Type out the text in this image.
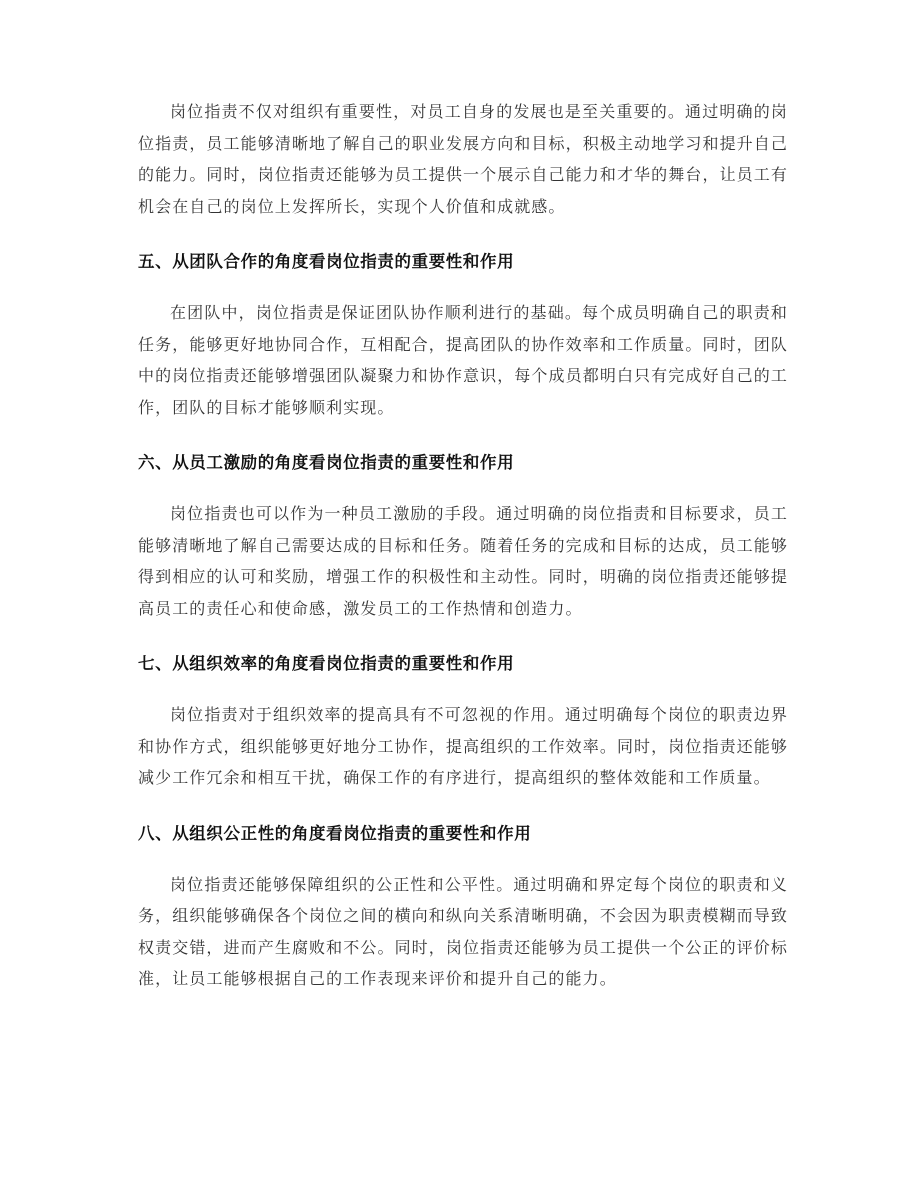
岗位指责不仅对组织有重要性，对员工自身的发展也是至关重要的。通过明确的岗位指责，员工能够清晰地了解自己的职业发展方向和目标，积极主动地学习和提升自己的能力。同时，岗位指责还能够为员工提供一个展示自己能力和才华的舞台，让员工有机会在自己的岗位上发挥所长，实现个人价值和成就感。

五、从团队合作的角度看岗位指责的重要性和作用

在团队中，岗位指责是保证团队协作顺利进行的基础。每个成员明确自己的职责和任务，能够更好地协同合作，互相配合，提高团队的协作效率和工作质量。同时，团队中的岗位指责还能够增强团队凝聚力和协作意识，每个成员都明白只有完成好自己的工作，团队的目标才能够顺利实现。

六、从员工激励的角度看岗位指责的重要性和作用

岗位指责也可以作为一种员工激励的手段。通过明确的岗位指责和目标要求，员工能够清晰地了解自己需要达成的目标和任务。随着任务的完成和目标的达成，员工能够得到相应的认可和奖励，增强工作的积极性和主动性。同时，明确的岗位指责还能够提高员工的责任心和使命感，激发员工的工作热情和创造力。

七、从组织效率的角度看岗位指责的重要性和作用

岗位指责对于组织效率的提高具有不可忽视的作用。通过明确每个岗位的职责边界和协作方式，组织能够更好地分工协作，提高组织的工作效率。同时，岗位指责还能够减少工作冗余和相互干扰，确保工作的有序进行，提高组织的整体效能和工作质量。

八、从组织公正性的角度看岗位指责的重要性和作用

岗位指责还能够保障组织的公正性和公平性。通过明确和界定每个岗位的职责和义务，组织能够确保各个岗位之间的横向和纵向关系清晰明确，不会因为职责模糊而导致权责交错，进而产生腐败和不公。同时，岗位指责还能够为员工提供一个公正的评价标准，让员工能够根据自己的工作表现来评价和提升自己的能力。
